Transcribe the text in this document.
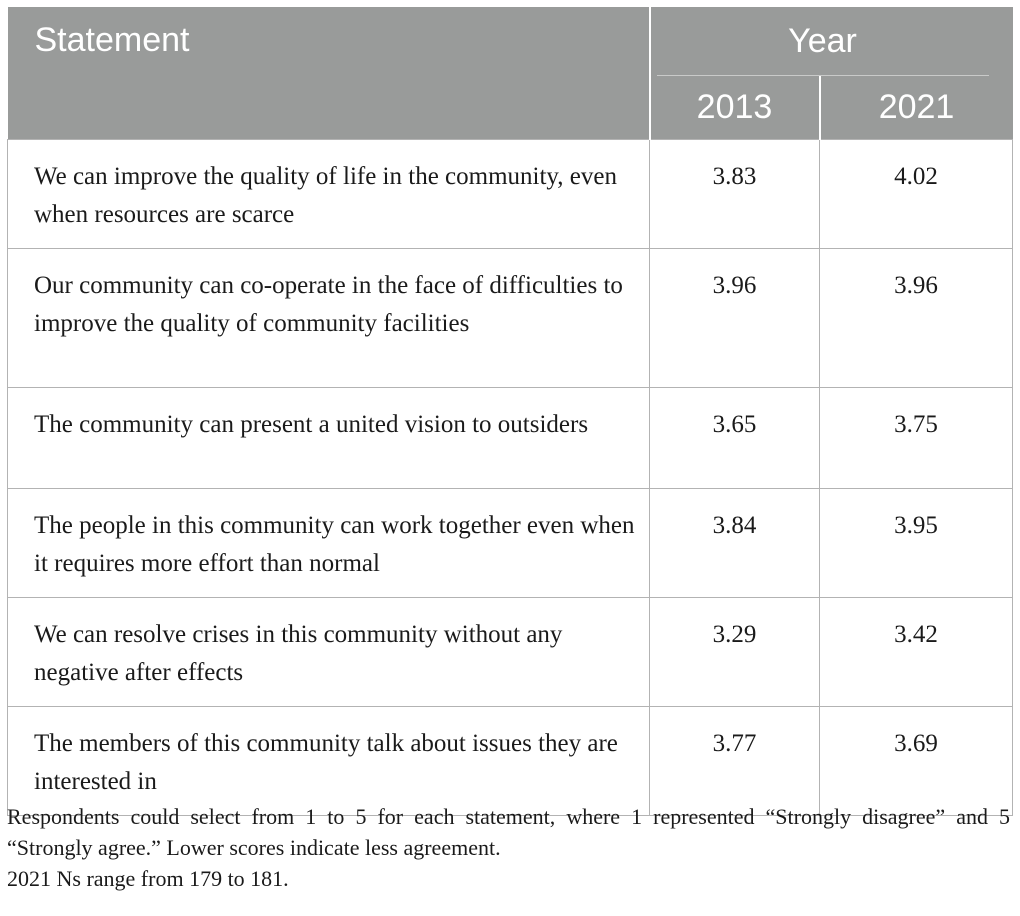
Statement	Year	

	2013	2021
We can improve the quality of life in the community, even when resources are scarce	3.83	4.02
Our community can co-operate in the face of difficulties to improve the quality of community facilities	3.96	3.96
The community can present a united vision to outsiders	3.65	3.75
The people in this community can work together even when it requires more effort than normal	3.84	3.95
We can resolve crises in this community without any negative after effects	3.29	3.42
The members of this community talk about issues they are interested in	3.77	3.69

Respondents could select from 1 to 5 for each statement, where 1 represented “Strongly disagree” and 5 “Strongly agree.” Lower scores indicate less agreement.

2021 Ns range from 179 to 181.
